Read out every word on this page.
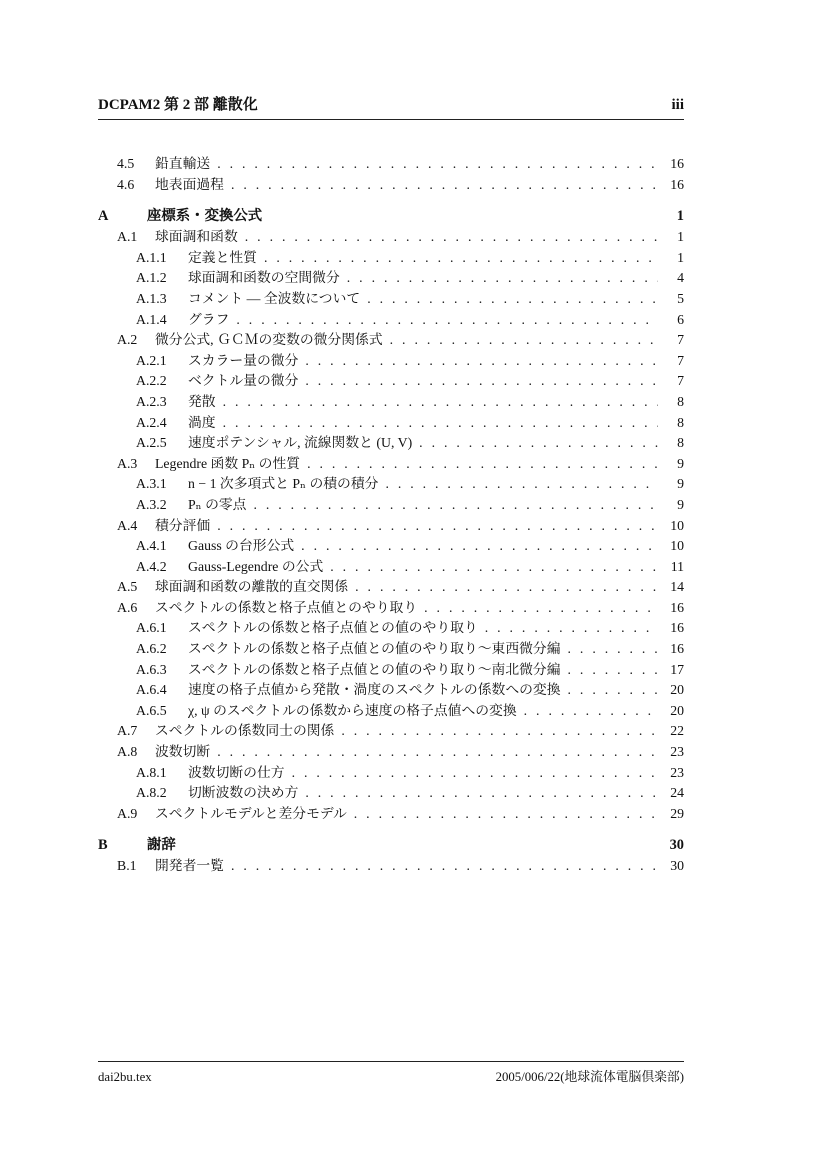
DCPAM2 第 2 部 離散化	iii
4.5	鉛直輸送 . . .	16
4.6	地表面過程 . . .	16
A	座標系・変換公式	1
A.1	球面調和函数 . . .	1
A.1.1	定義と性質 . . .	1
A.1.2	球面調和函数の空間微分 . . .	4
A.1.3	コメント — 全波数について . . .	5
A.1.4	グラフ . . .	6
A.2	微分公式, ＧＣＭの変数の微分関係式 . . .	7
A.2.1	スカラー量の微分 . . .	7
A.2.2	ベクトル量の微分 . . .	7
A.2.3	発散 . . .	8
A.2.4	渦度 . . .	8
A.2.5	速度ポテンシャル, 流線関数と (U, V) . . .	8
A.3	Legendre 函数 Pₙ の性質 . . .	9
A.3.1	n − 1 次多項式と Pₙ の積の積分 . . .	9
A.3.2	Pₙ の零点 . . .	9
A.4	積分評価 . . .	10
A.4.1	Gauss の台形公式 . . .	10
A.4.2	Gauss-Legendre の公式 . . .	11
A.5	球面調和函数の離散的直交関係 . . .	14
A.6	スペクトルの係数と格子点値とのやり取り . . .	16
A.6.1	スペクトルの係数と格子点値との値のやり取り . . .	16
A.6.2	スペクトルの係数と格子点値との値のやり取り～東西微分編 . . .	16
A.6.3	スペクトルの係数と格子点値との値のやり取り～南北微分編 . . .	17
A.6.4	速度の格子点値から発散・渦度のスペクトルの係数への変換 . . .	20
A.6.5	χ, ψ のスペクトルの係数から速度の格子点値への変換 . . .	20
A.7	スペクトルの係数同士の関係 . . .	22
A.8	波数切断 . . .	23
A.8.1	波数切断の仕方 . . .	23
A.8.2	切断波数の決め方 . . .	24
A.9	スペクトルモデルと差分モデル . . .	29
B	謝辞	30
B.1	開発者一覧 . . .	30
dai2bu.tex	2005/006/22(地球流体電脳倶楽部)
